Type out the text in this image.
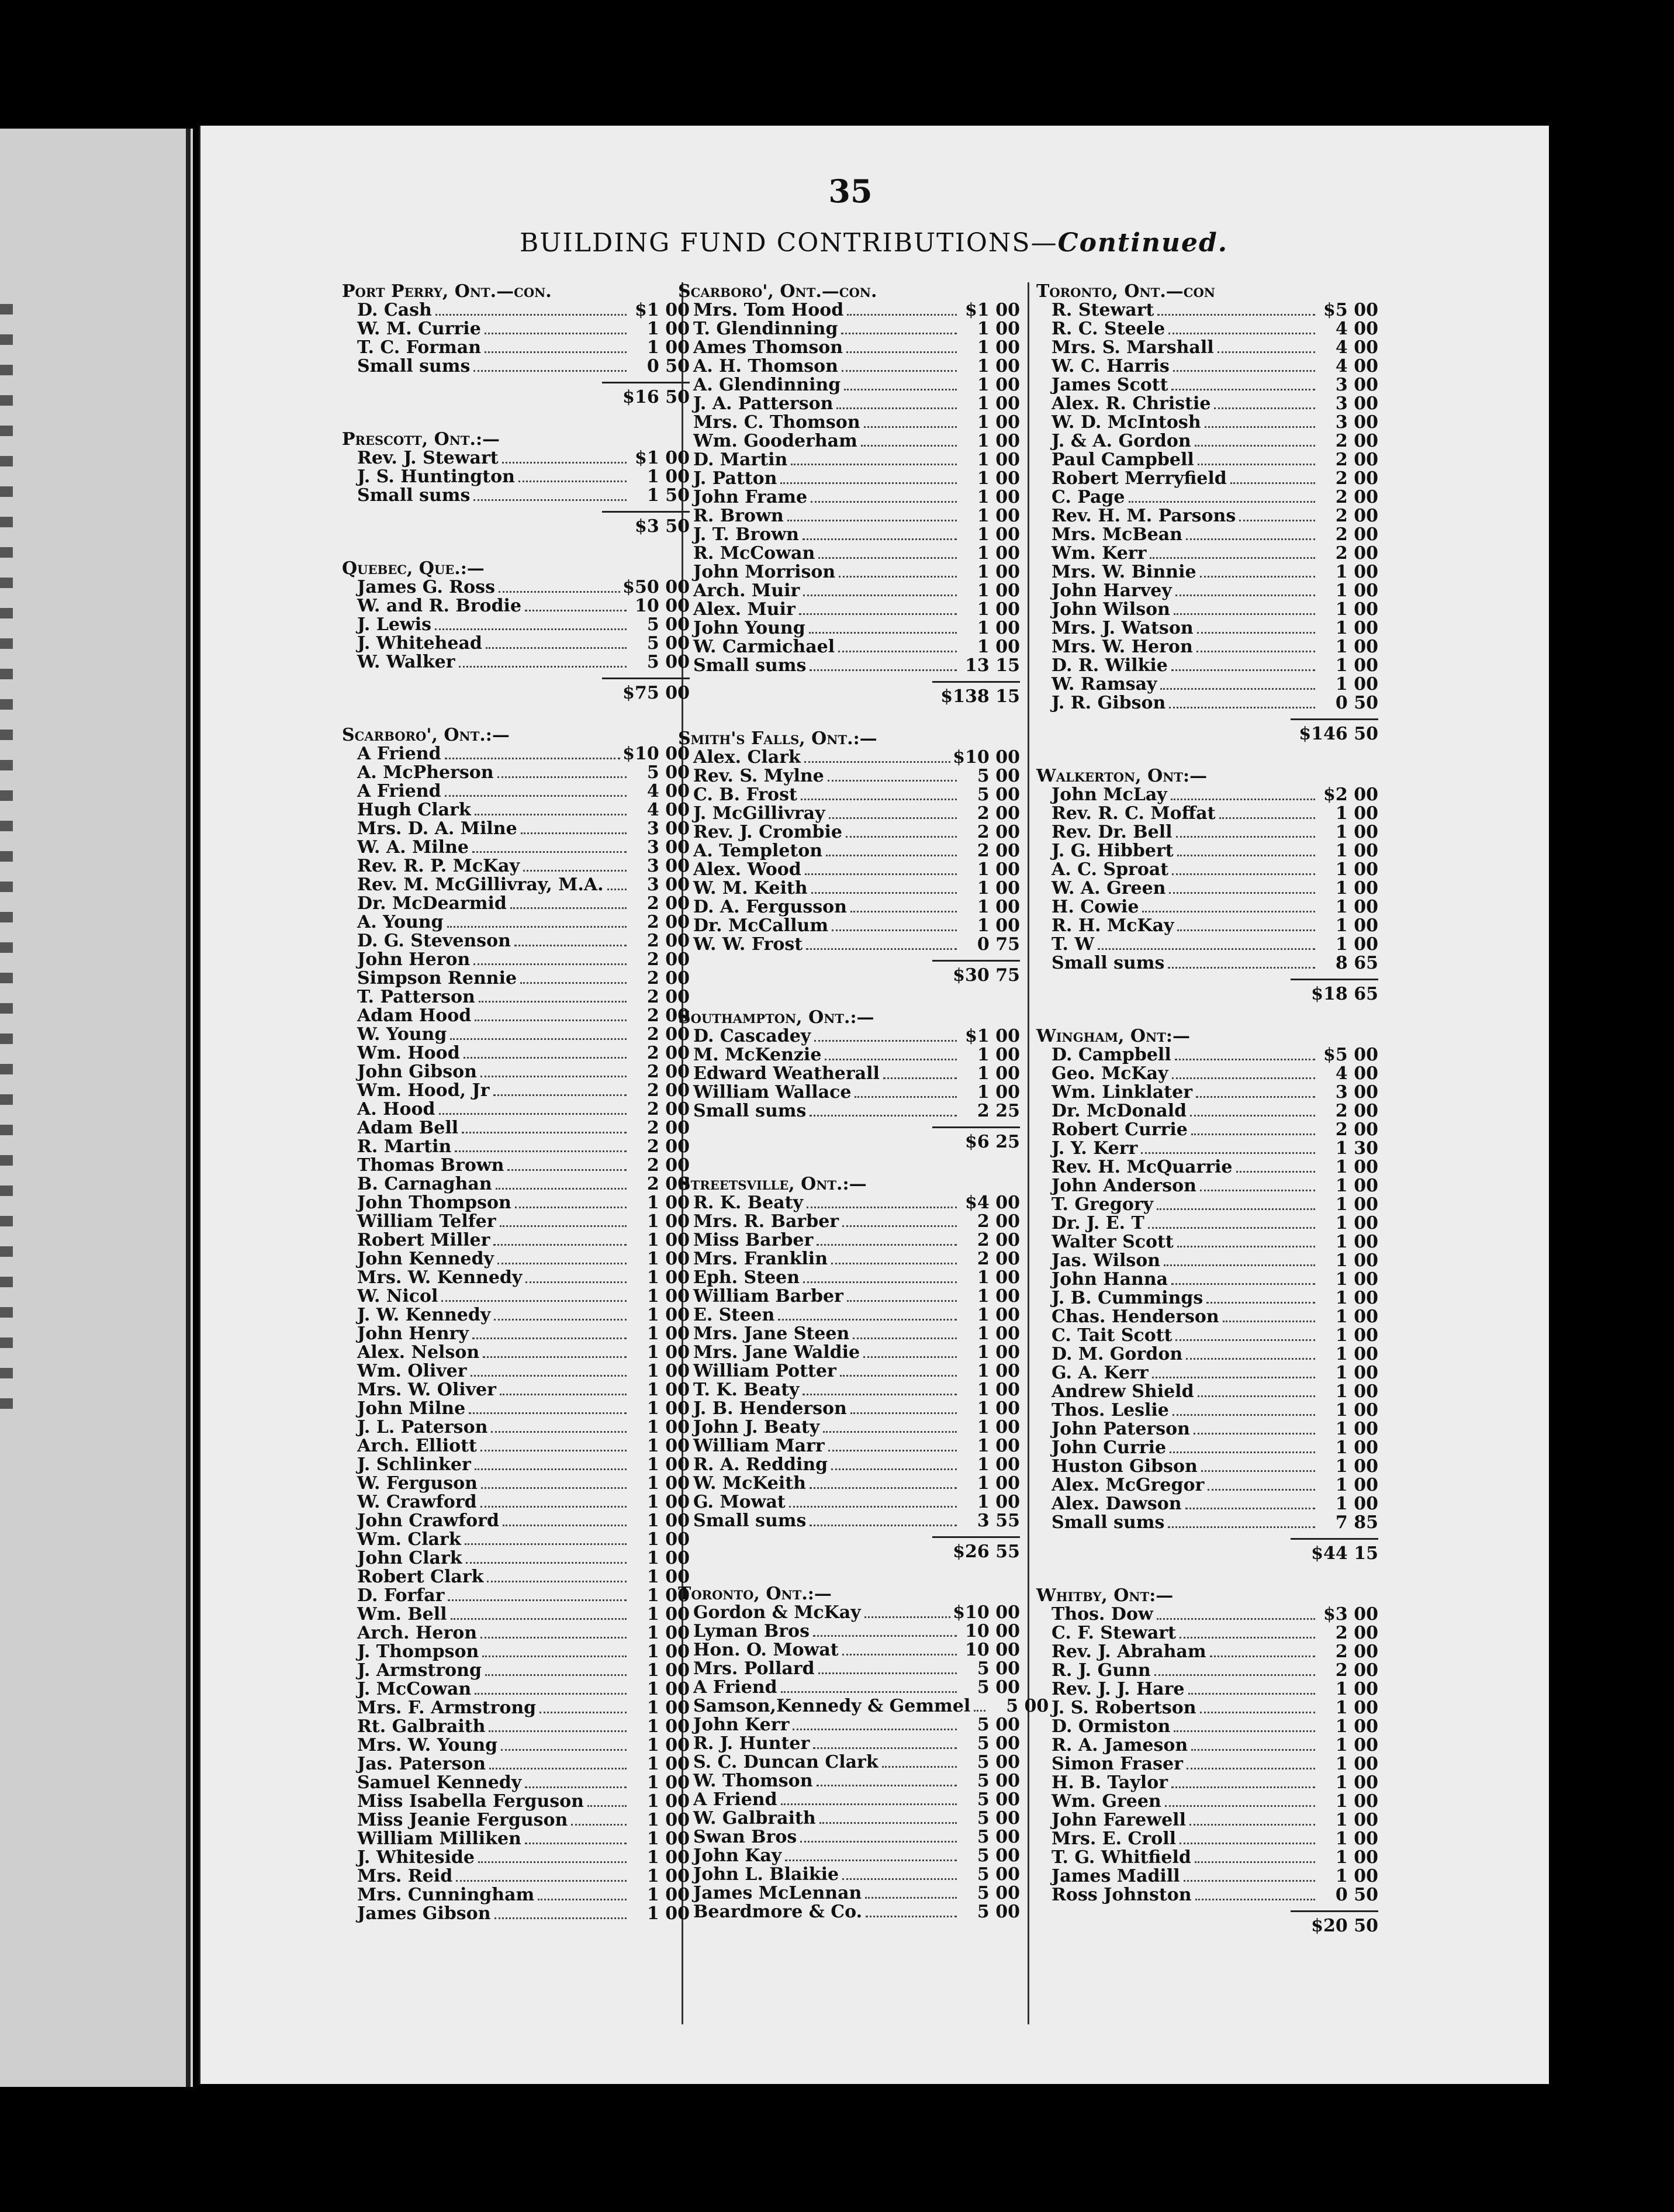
35
BUILDING FUND CONTRIBUTIONS—Continued.
Port Perry, Ont.—con.
D. Cash	$1 00
W. M. Currie	1 00
T. C. Forman	1 00
Small sums	0 50
$16 50
Prescott, Ont.:—
Rev. J. Stewart	$1 00
J. S. Huntington	1 00
Small sums	1 50
$3 50
Quebec, Que.:—
James G. Ross	$50 00
W. and R. Brodie	10 00
J. Lewis	5 00
J. Whitehead	5 00
W. Walker	5 00
$75 00
Scarboro', Ont.:—
A Friend	$10 00
A. McPherson	5 00
A Friend	4 00
Hugh Clark	4 00
Mrs. D. A. Milne	3 00
W. A. Milne	3 00
Rev. R. P. McKay	3 00
Rev. M. McGillivray, M.A.	3 00
Dr. McDearmid	2 00
A. Young	2 00
D. G. Stevenson	2 00
John Heron	2 00
Simpson Rennie	2 00
T. Patterson	2 00
Adam Hood	2 00
W. Young	2 00
Wm. Hood	2 00
John Gibson	2 00
Wm. Hood, Jr	2 00
A. Hood	2 00
Adam Bell	2 00
R. Martin	2 00
Thomas Brown	2 00
B. Carnaghan	2 00
John Thompson	1 00
William Telfer	1 00
Robert Miller	1 00
John Kennedy	1 00
Mrs. W. Kennedy	1 00
W. Nicol	1 00
J. W. Kennedy	1 00
John Henry	1 00
Alex. Nelson	1 00
Wm. Oliver	1 00
Mrs. W. Oliver	1 00
John Milne	1 00
J. L. Paterson	1 00
Arch. Elliott	1 00
J. Schlinker	1 00
W. Ferguson	1 00
W. Crawford	1 00
John Crawford	1 00
Wm. Clark	1 00
John Clark	1 00
Robert Clark	1 00
D. Forfar	1 00
Wm. Bell	1 00
Arch. Heron	1 00
J. Thompson	1 00
J. Armstrong	1 00
J. McCowan	1 00
Mrs. F. Armstrong	1 00
Rt. Galbraith	1 00
Mrs. W. Young	1 00
Jas. Paterson	1 00
Samuel Kennedy	1 00
Miss Isabella Ferguson	1 00
Miss Jeanie Ferguson	1 00
William Milliken	1 00
J. Whiteside	1 00
Mrs. Reid	1 00
Mrs. Cunningham	1 00
James Gibson	1 00
Scarboro', Ont.—con.
Mrs. Tom Hood	$1 00
T. Glendinning	1 00
Ames Thomson	1 00
A. H. Thomson	1 00
A. Glendinning	1 00
J. A. Patterson	1 00
Mrs. C. Thomson	1 00
Wm. Gooderham	1 00
D. Martin	1 00
J. Patton	1 00
John Frame	1 00
R. Brown	1 00
J. T. Brown	1 00
R. McCowan	1 00
John Morrison	1 00
Arch. Muir	1 00
Alex. Muir	1 00
John Young	1 00
W. Carmichael	1 00
Small sums	13 15
$138 15
Smith's Falls, Ont.:—
Alex. Clark	$10 00
Rev. S. Mylne	5 00
C. B. Frost	5 00
J. McGillivray	2 00
Rev. J. Crombie	2 00
A. Templeton	2 00
Alex. Wood	1 00
W. M. Keith	1 00
D. A. Fergusson	1 00
Dr. McCallum	1 00
W. W. Frost	0 75
$30 75
Southampton, Ont.:—
D. Cascadey	$1 00
M. McKenzie	1 00
Edward Weatherall	1 00
William Wallace	1 00
Small sums	2 25
$6 25
Streetsville, Ont.:—
R. K. Beaty	$4 00
Mrs. R. Barber	2 00
Miss Barber	2 00
Mrs. Franklin	2 00
Eph. Steen	1 00
William Barber	1 00
E. Steen	1 00
Mrs. Jane Steen	1 00
Mrs. Jane Waldie	1 00
William Potter	1 00
T. K. Beaty	1 00
J. B. Henderson	1 00
John J. Beaty	1 00
William Marr	1 00
R. A. Redding	1 00
W. McKeith	1 00
G. Mowat	1 00
Small sums	3 55
$26 55
Toronto, Ont.:—
Gordon & McKay	$10 00
Lyman Bros	10 00
Hon. O. Mowat	10 00
Mrs. Pollard	5 00
A Friend	5 00
Samson,Kennedy & Gemmel	5 00
John Kerr	5 00
R. J. Hunter	5 00
S. C. Duncan Clark	5 00
W. Thomson	5 00
A Friend	5 00
W. Galbraith	5 00
Swan Bros	5 00
John Kay	5 00
John L. Blaikie	5 00
James McLennan	5 00
Beardmore & Co.	5 00
Toronto, Ont.—con
R. Stewart	$5 00
R. C. Steele	4 00
Mrs. S. Marshall	4 00
W. C. Harris	4 00
James Scott	3 00
Alex. R. Christie	3 00
W. D. McIntosh	3 00
J. & A. Gordon	2 00
Paul Campbell	2 00
Robert Merryfield	2 00
C. Page	2 00
Rev. H. M. Parsons	2 00
Mrs. McBean	2 00
Wm. Kerr	2 00
Mrs. W. Binnie	1 00
John Harvey	1 00
John Wilson	1 00
Mrs. J. Watson	1 00
Mrs. W. Heron	1 00
D. R. Wilkie	1 00
W. Ramsay	1 00
J. R. Gibson	0 50
$146 50
Walkerton, Ont:—
John McLay	$2 00
Rev. R. C. Moffat	1 00
Rev. Dr. Bell	1 00
J. G. Hibbert	1 00
A. C. Sproat	1 00
W. A. Green	1 00
H. Cowie	1 00
R. H. McKay	1 00
T. W	1 00
Small sums	8 65
$18 65
Wingham, Ont:—
D. Campbell	$5 00
Geo. McKay	4 00
Wm. Linklater	3 00
Dr. McDonald	2 00
Robert Currie	2 00
J. Y. Kerr	1 30
Rev. H. McQuarrie	1 00
John Anderson	1 00
T. Gregory	1 00
Dr. J. E. T	1 00
Walter Scott	1 00
Jas. Wilson	1 00
John Hanna	1 00
J. B. Cummings	1 00
Chas. Henderson	1 00
C. Tait Scott	1 00
D. M. Gordon	1 00
G. A. Kerr	1 00
Andrew Shield	1 00
Thos. Leslie	1 00
John Paterson	1 00
John Currie	1 00
Huston Gibson	1 00
Alex. McGregor	1 00
Alex. Dawson	1 00
Small sums	7 85
$44 15
Whitby, Ont:—
Thos. Dow	$3 00
C. F. Stewart	2 00
Rev. J. Abraham	2 00
R. J. Gunn	2 00
Rev. J. J. Hare	1 00
J. S. Robertson	1 00
D. Ormiston	1 00
R. A. Jameson	1 00
Simon Fraser	1 00
H. B. Taylor	1 00
Wm. Green	1 00
John Farewell	1 00
Mrs. E. Croll	1 00
T. G. Whitfield	1 00
James Madill	1 00
Ross Johnston	0 50
$20 50
